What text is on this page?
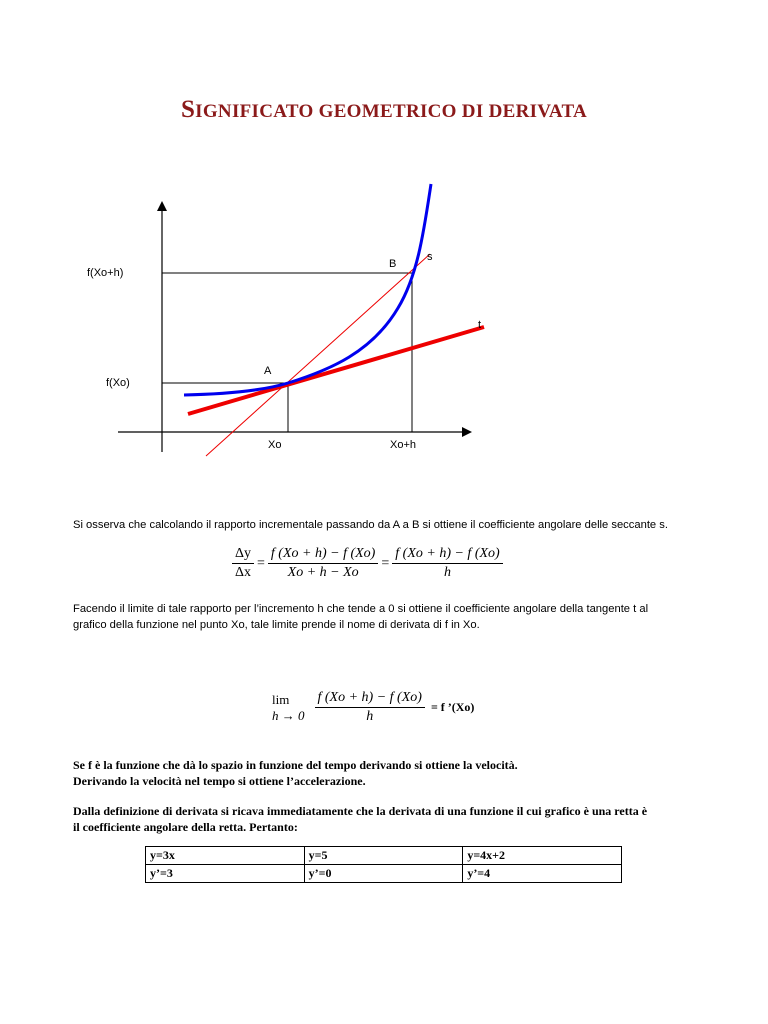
SIGNIFICATO GEOMETRICO DI DERIVATA
f(Xo+h)
f(Xo)
Xo	Xo+h
A
B
s
t
Si osserva che calcolando il rapporto incrementale passando da A a B si ottiene il coefficiente angolare delle seccante s.
$\frac{\Delta y}{\Delta x} = \frac{f (Xo + h) - f (Xo)}{Xo + h - Xo} = \frac{f (Xo + h) - f (Xo)}{h}$
Facendo il limite di tale rapporto per l’incremento h che tende a 0 si ottiene il coefficiente angolare della tangente t al
grafico della funzione nel punto Xo, tale limite prende il nome di derivata di f in Xo.
lim
$h \to 0 \frac{f (Xo + h) - f (Xo)}{h} = f$ ’(Xo)
Se f è la funzione che dà lo spazio in funzione del tempo derivando si ottiene la velocità.
Derivando la velocità nel tempo si ottiene l’accelerazione.
Dalla definizione di derivata si ricava immediatamente che la derivata di una funzione il cui grafico è una retta è
il coefficiente angolare della retta. Pertanto:
y=3x	y=5	y=4x+2
y’=3	y’=0	y’=4
